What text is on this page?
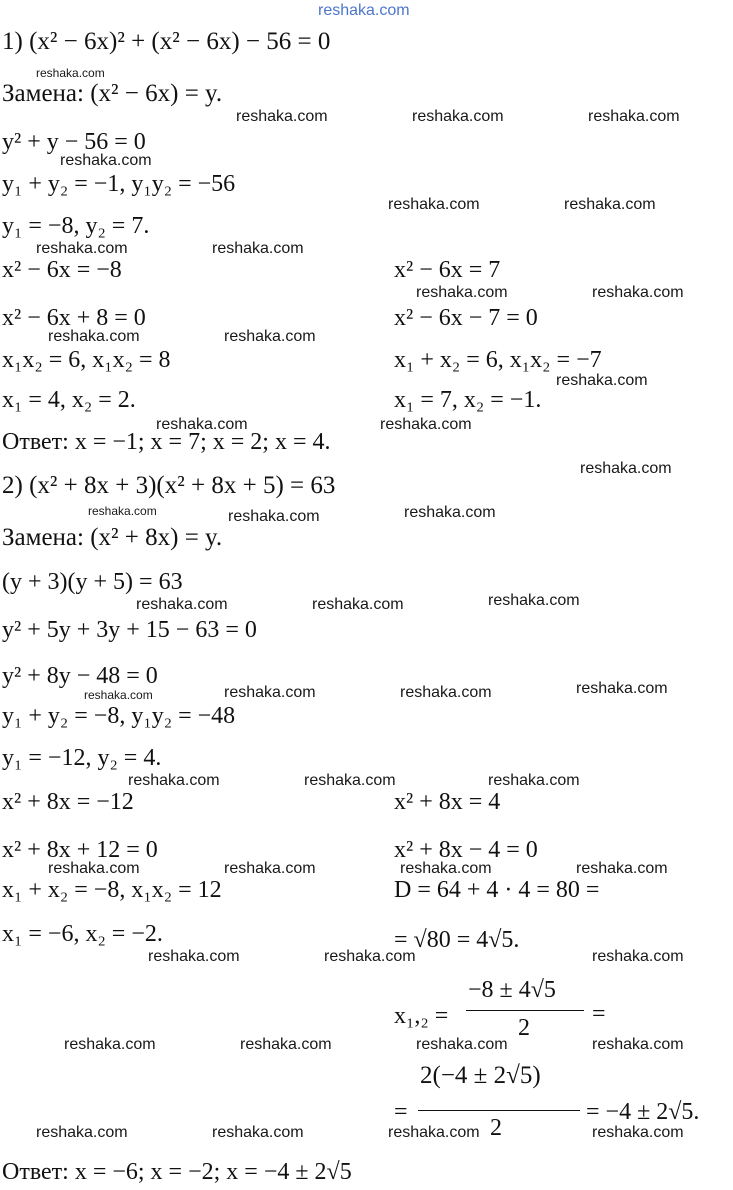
reshaka.com
1) (x² − 6x)² + (x² − 6x) − 56 = 0
Замена: (x² − 6x) = y.
y² + y − 56 = 0
y₁ + y₂ = −1, y₁y₂ = −56
y₁ = −8, y₂ = 7.
x² − 6x = −8	x² − 6x = 7
x² − 6x + 8 = 0	x² − 6x − 7 = 0
x₁x₂ = 6, x₁x₂ = 8	x₁ + x₂ = 6, x₁x₂ = −7
x₁ = 4, x₂ = 2.	x₁ = 7, x₂ = −1.
Ответ: x = −1; x = 7; x = 2; x = 4.
2) (x² + 8x + 3)(x² + 8x + 5) = 63
Замена: (x² + 8x) = y.
(y + 3)(y + 5) = 63
y² + 5y + 3y + 15 − 63 = 0
y² + 8y − 48 = 0
y₁ + y₂ = −8, y₁y₂ = −48
y₁ = −12, y₂ = 4.
x² + 8x = −12	x² + 8x = 4
x² + 8x + 12 = 0	x² + 8x − 4 = 0
x₁ + x₂ = −8, x₁x₂ = 12	D = 64 + 4 · 4 = 80 =
x₁ = −6, x₂ = −2.	= √80 = 4√5.
x₁,₂ =
−8 ± 4√5
2
=
=
2(−4 ± 2√5)
2
= −4 ± 2√5.
Ответ: x = −6; x = −2; x = −4 ± 2√5
reshaka.com
reshaka.com	reshaka.com	reshaka.com
reshaka.com
reshaka.com	reshaka.com
reshaka.com	reshaka.com
reshaka.com	reshaka.com
reshaka.com	reshaka.com
reshaka.com
reshaka.com	reshaka.com
reshaka.com
reshaka.com	reshaka.com	reshaka.com
reshaka.com	reshaka.com	reshaka.com
reshaka.com	reshaka.com	reshaka.com	reshaka.com
reshaka.com	reshaka.com	reshaka.com
reshaka.com	reshaka.com	reshaka.com	reshaka.com
reshaka.com	reshaka.com	reshaka.com
reshaka.com	reshaka.com	reshaka.com	reshaka.com
reshaka.com	reshaka.com	reshaka.com	reshaka.com
